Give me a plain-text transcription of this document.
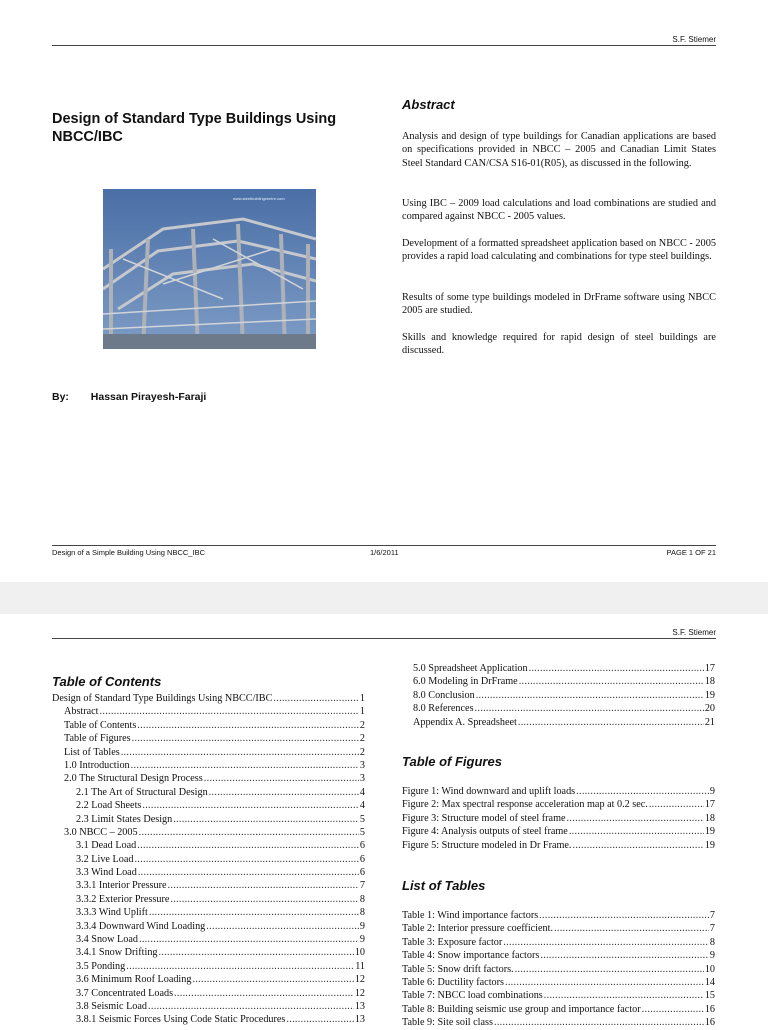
S.F. Stiemer
Design of Standard Type Buildings Using NBCC/IBC
www.steelbuildingcentre.com
Abstract

Analysis and design of type buildings for Canadian applications are based on specifications provided in NBCC – 2005 and Canadian Limit States Steel Standard CAN/CSA S16-01(R05), as discussed in the following.

Using IBC – 2009 load calculations and load combinations are studied and compared against NBCC - 2005 values.

Development of a formatted spreadsheet application based on NBCC - 2005 provides a rapid load calculating and combinations for type steel buildings.

Results of some type buildings modeled in DrFrame software using NBCC 2005 are studied.

Skills and knowledge required for rapid design of steel buildings are discussed.

By: Hassan Pirayesh-Faraji
Design of a Simple Building Using NBCC_IBC	1/6/2011	PAGE 1 OF 21
S.F. Stiemer
Table of Contents
Design of Standard Type Buildings Using NBCC/IBC .....	1
Abstract .....	1
Table of Contents .....	2
Table of Figures .....	2
List of Tables .....	2
1.0 Introduction .....	3
2.0 The Structural Design Process .....	3
2.1 The Art of Structural Design .....	4
2.2 Load Sheets .....	4
2.3 Limit States Design .....	5
3.0 NBCC – 2005 .....	5
3.1 Dead Load .....	6
3.2 Live Load .....	6
3.3 Wind Load .....	6
3.3.1 Interior Pressure .....	7
3.3.2 Exterior Pressure .....	8
3.3.3 Wind Uplift .....	8
3.3.4 Downward Wind Loading .....	9
3.4 Snow Load .....	9
3.4.1 Snow Drifting .....	10
3.5 Ponding .....	11
3.6 Minimum Roof Loading .....	12
3.7 Concentrated Loads .....	12
3.8 Seismic Load .....	13
3.8.1 Seismic Forces Using Code Static Procedures .....	13
5.0 Spreadsheet Application .....	17
6.0 Modeling in DrFrame .....	18
8.0 Conclusion .....	19
8.0 References .....	20
Appendix A. Spreadsheet .....	21
Table of Figures
Figure 1: Wind downward and uplift loads .....	9
Figure 2: Max spectral response acceleration map at 0.2 sec. .....	17
Figure 3: Structure model of steel frame .....	18
Figure 4: Analysis outputs of steel frame .....	19
Figure 5: Structure modeled in Dr Frame. .....	19
List of Tables
Table 1: Wind importance factors .....	7
Table 2: Interior pressure coefficient. .....	7
Table 3: Exposure factor .....	8
Table 4: Snow importance factors .....	9
Table 5: Snow drift factors. .....	10
Table 6: Ductility factors .....	14
Table 7: NBCC load combinations .....	15
Table 8: Building seismic use group and importance factor .....	16
Table 9: Site soil class .....	16
